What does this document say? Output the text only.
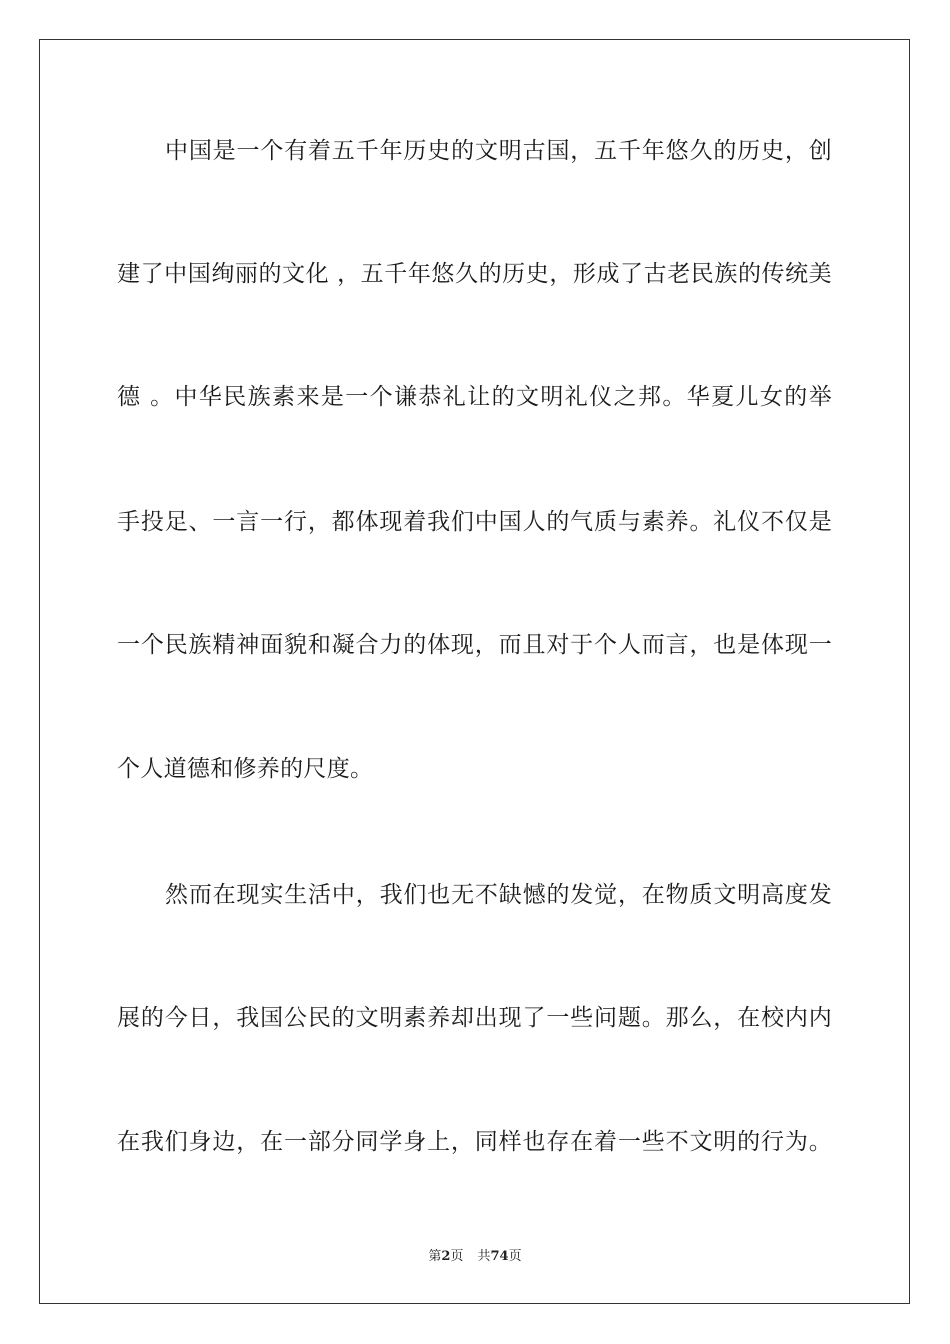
中国是一个有着五千年历史的文明古国，五千年悠久的历史，创
建了中国绚丽的文化 ，五千年悠久的历史，形成了古老民族的传统美
德 。中华民族素来是一个谦恭礼让的文明礼仪之邦。华夏儿女的举
手投足、一言一行，都体现着我们中国人的气质与素养。礼仪不仅是
一个民族精神面貌和凝合力的体现，而且对于个人而言，也是体现一
个人道德和修养的尺度。
然而在现实生活中，我们也无不缺憾的发觉，在物质文明高度发
展的今日，我国公民的文明素养却出现了一些问题。那么，在校内内
在我们身边，在一部分同学身上，同样也存在着一些不文明的行为。
第2页 共74页
